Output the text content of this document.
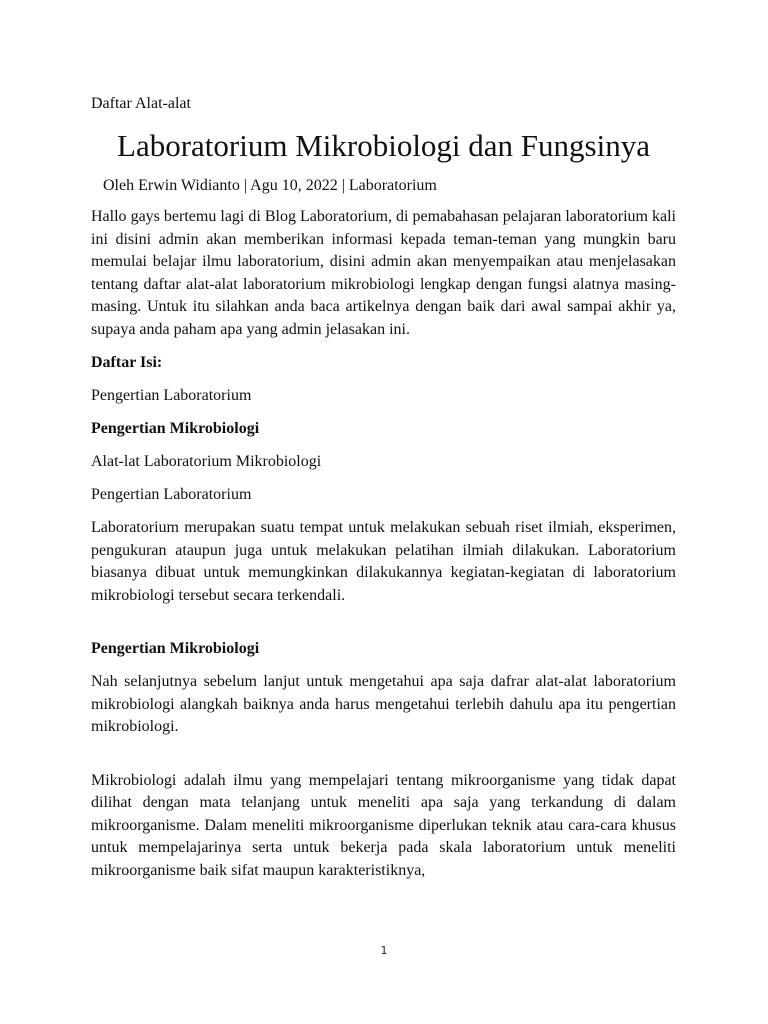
Daftar Alat-alat
Laboratorium Mikrobiologi dan Fungsinya
Oleh Erwin Widianto | Agu 10, 2022 | Laboratorium

Hallo gays bertemu lagi di Blog Laboratorium, di pemabahasan pelajaran laboratorium kali ini disini admin akan memberikan informasi kepada teman-teman yang mungkin baru memulai belajar ilmu laboratorium, disini admin akan menyempaikan atau menjelasakan tentang daftar alat-alat laboratorium mikrobiologi lengkap dengan fungsi alatnya masing-masing. Untuk itu silahkan anda baca artikelnya dengan baik dari awal sampai akhir ya, supaya anda paham apa yang admin jelasakan ini.

Daftar Isi:

Pengertian Laboratorium

Pengertian Mikrobiologi

Alat-lat Laboratorium Mikrobiologi

Pengertian Laboratorium

Laboratorium merupakan suatu tempat untuk melakukan sebuah riset ilmiah, eksperimen, pengukuran ataupun juga untuk melakukan pelatihan ilmiah dilakukan. Laboratorium biasanya dibuat untuk memungkinkan dilakukannya kegiatan-kegiatan di laboratorium mikrobiologi tersebut secara terkendali.

Pengertian Mikrobiologi

Nah selanjutnya sebelum lanjut untuk mengetahui apa saja dafrar alat-alat laboratorium mikrobiologi alangkah baiknya anda harus mengetahui terlebih dahulu apa itu pengertian mikrobiologi.

Mikrobiologi adalah ilmu yang mempelajari tentang mikroorganisme yang tidak dapat dilihat dengan mata telanjang untuk meneliti apa saja yang terkandung di dalam mikroorganisme. Dalam meneliti mikroorganisme diperlukan teknik atau cara-cara khusus untuk mempelajarinya serta untuk bekerja pada skala laboratorium untuk meneliti mikroorganisme baik sifat maupun karakteristiknya,

1
